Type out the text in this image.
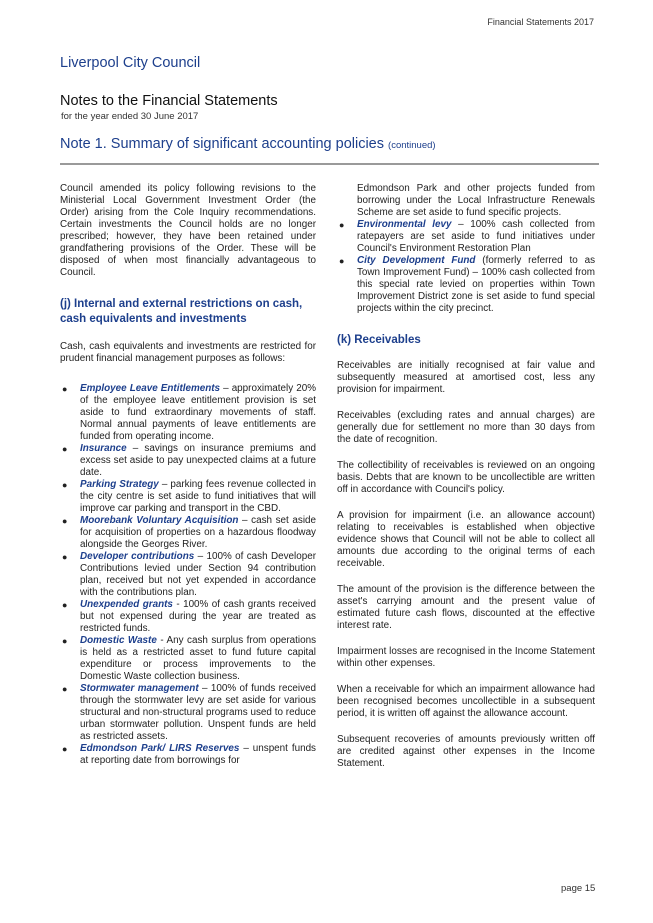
Financial Statements 2017
Liverpool City Council
Notes to the Financial Statements
for the year ended 30 June 2017
Note 1. Summary of significant accounting policies (continued)

Council amended its policy following revisions to the Ministerial Local Government Investment Order (the Order) arising from the Cole Inquiry recommendations. Certain investments the Council holds are no longer prescribed; however, they have been retained under grandfathering provisions of the Order. These will be disposed of when most financially advantageous to Council.

(j) Internal and external restrictions on cash, cash equivalents and investments

Cash, cash equivalents and investments are restricted for prudent financial management purposes as follows:

● Employee Leave Entitlements – approximately 20% of the employee leave entitlement provision is set aside to fund extraordinary movements of staff. Normal annual payments of leave entitlements are funded from operating income.
● Insurance – savings on insurance premiums and excess set aside to pay unexpected claims at a future date.
● Parking Strategy – parking fees revenue collected in the city centre is set aside to fund initiatives that will improve car parking and transport in the CBD.
● Moorebank Voluntary Acquisition – cash set aside for acquisition of properties on a hazardous floodway alongside the Georges River.
● Developer contributions – 100% of cash Developer Contributions levied under Section 94 contribution plan, received but not yet expended in accordance with the contributions plan.
● Unexpended grants - 100% of cash grants received but not expensed during the year are treated as restricted funds.
● Domestic Waste - Any cash surplus from operations is held as a restricted asset to fund future capital expenditure or process improvements to the Domestic Waste collection business.
● Stormwater management – 100% of funds received through the stormwater levy are set aside for various structural and non-structural programs used to reduce urban stormwater pollution. Unspent funds are held as restricted assets.
● Edmondson Park/ LIRS Reserves – unspent funds at reporting date from borrowings for

Edmondson Park and other projects funded from borrowing under the Local Infrastructure Renewals Scheme are set aside to fund specific projects.

● Environmental levy – 100% cash collected from ratepayers are set aside to fund initiatives under Council's Environment Restoration Plan
● City Development Fund (formerly referred to as Town Improvement Fund) – 100% cash collected from this special rate levied on properties within Town Improvement District zone is set aside to fund special projects within the city precinct.
(k) Receivables

Receivables are initially recognised at fair value and subsequently measured at amortised cost, less any provision for impairment.

Receivables (excluding rates and annual charges) are generally due for settlement no more than 30 days from the date of recognition.

The collectibility of receivables is reviewed on an ongoing basis. Debts that are known to be uncollectible are written off in accordance with Council's policy.

A provision for impairment (i.e. an allowance account) relating to receivables is established when objective evidence shows that Council will not be able to collect all amounts due according to the original terms of each receivable.

The amount of the provision is the difference between the asset's carrying amount and the present value of estimated future cash flows, discounted at the effective interest rate.

Impairment losses are recognised in the Income Statement within other expenses.

When a receivable for which an impairment allowance had been recognised becomes uncollectible in a subsequent period, it is written off against the allowance account.

Subsequent recoveries of amounts previously written off are credited against other expenses in the Income Statement.

page 15
